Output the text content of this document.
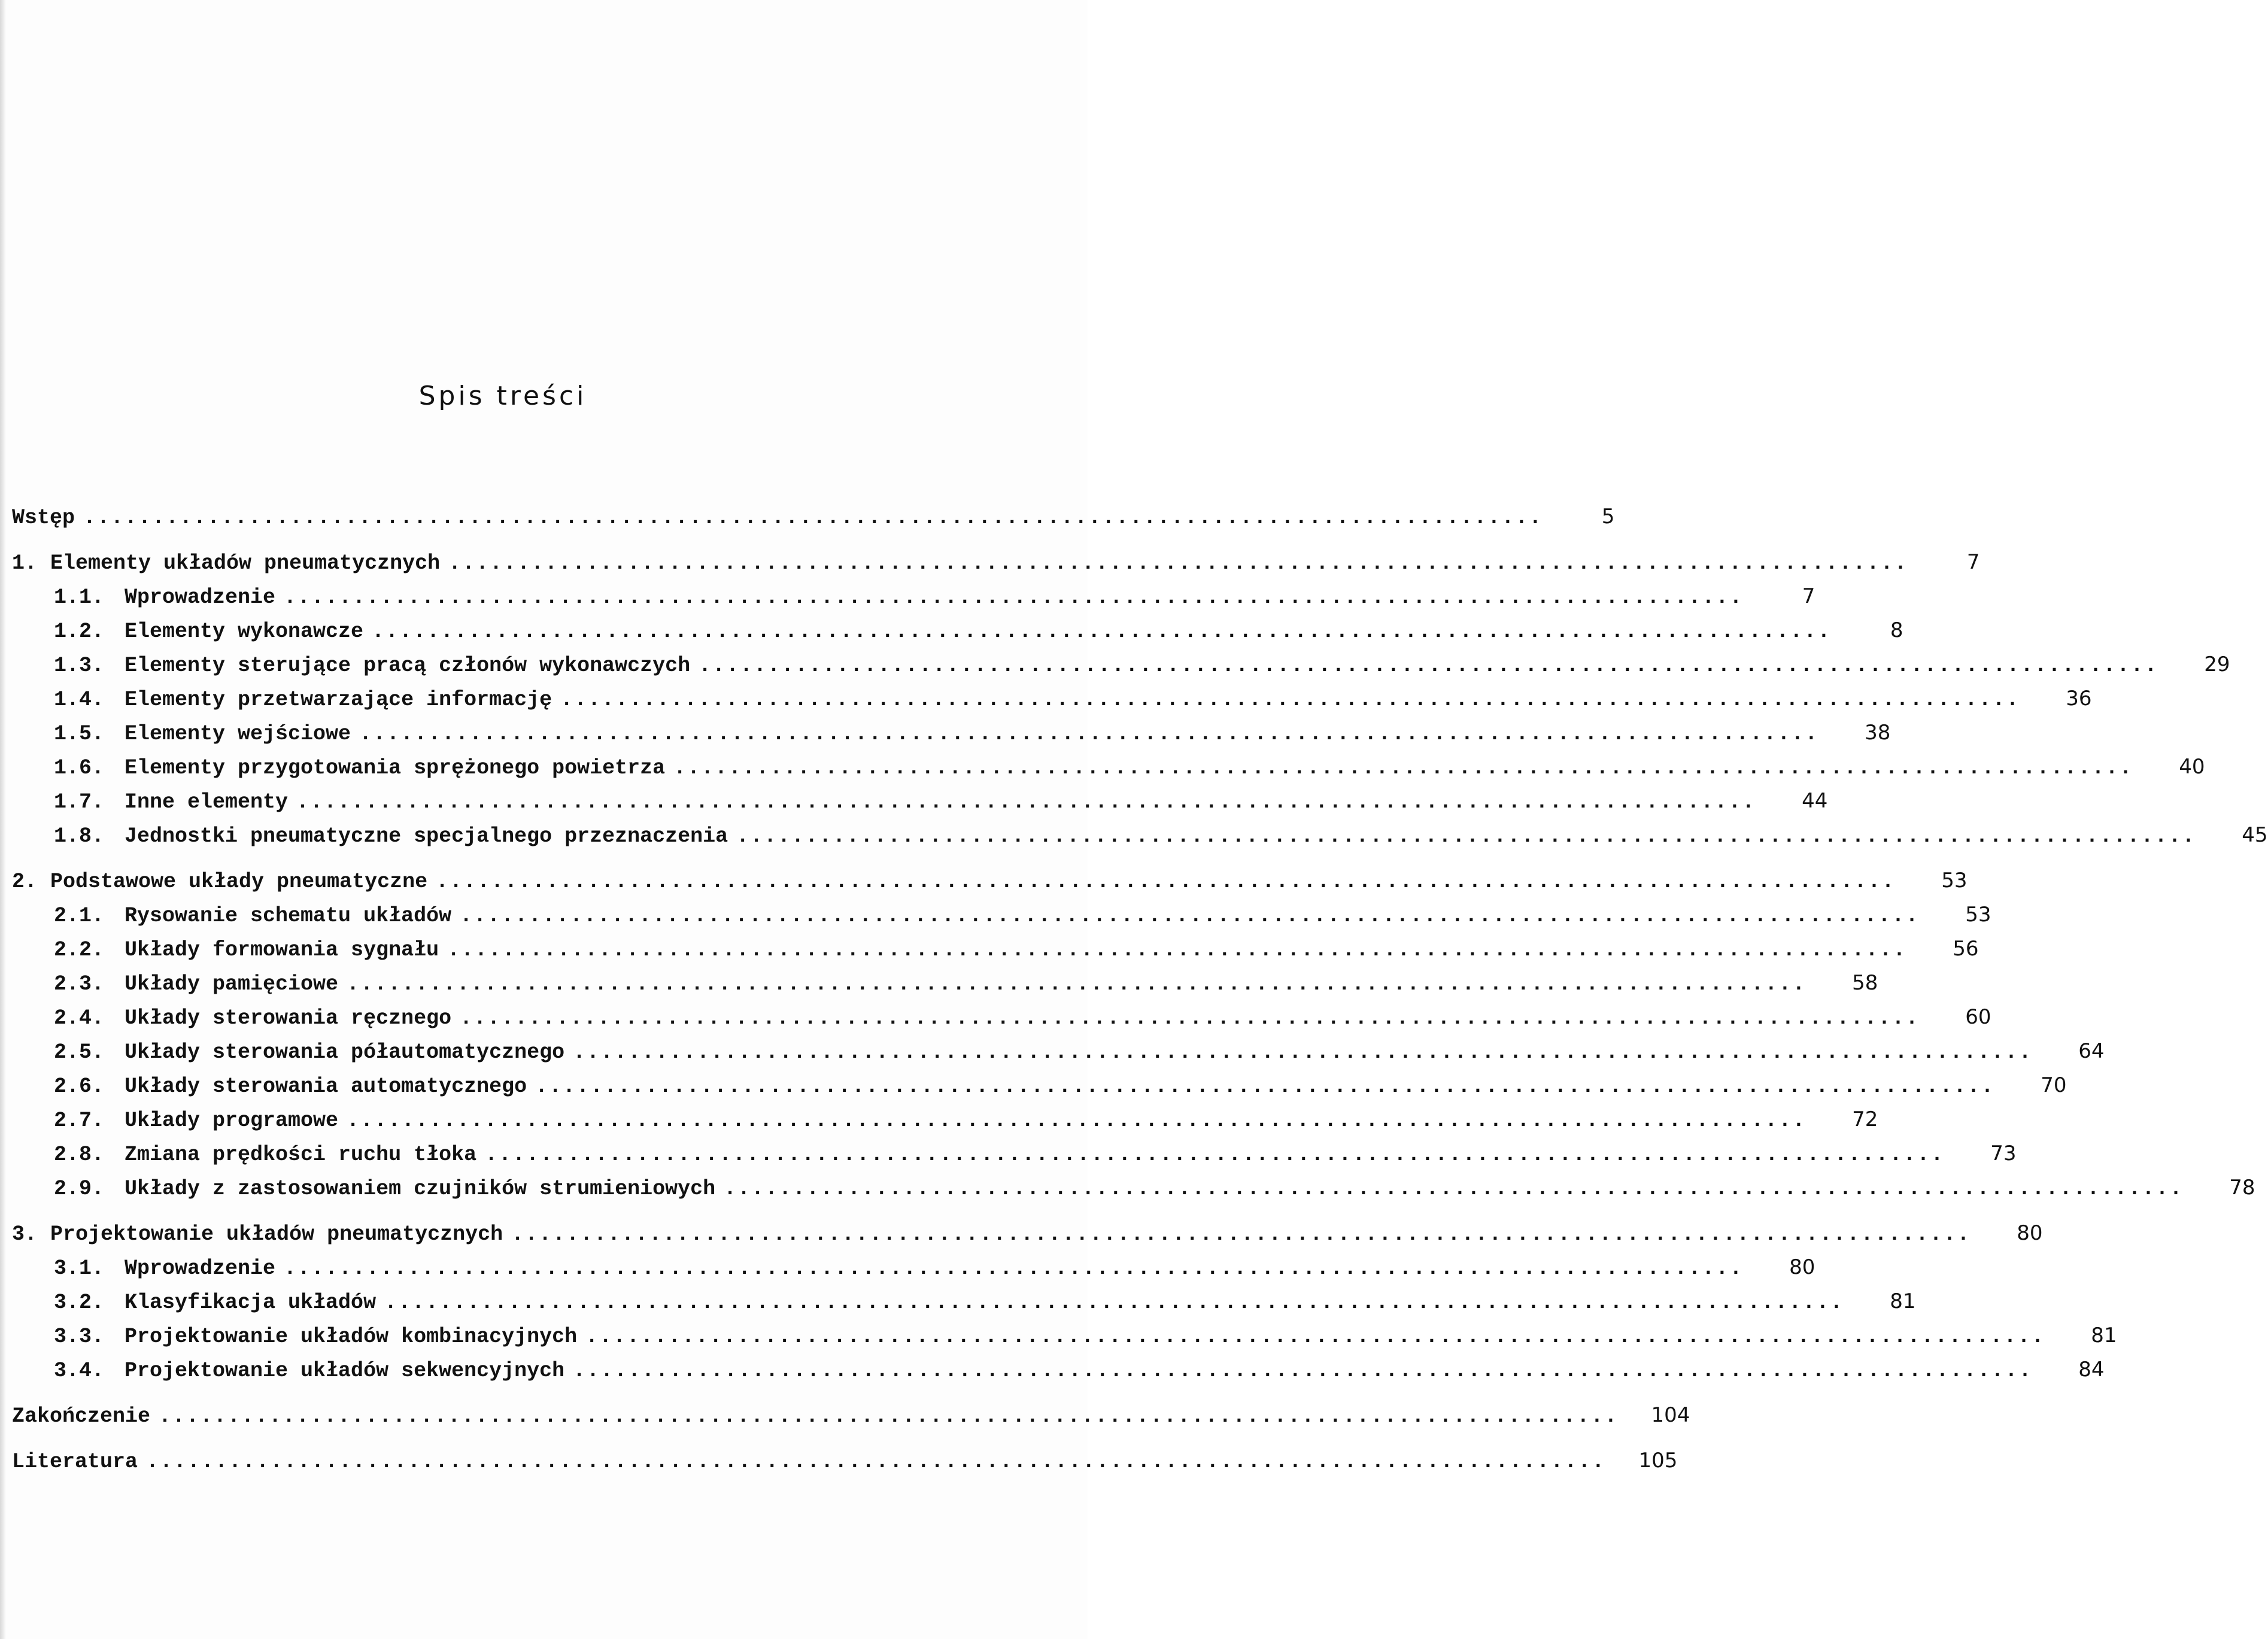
Spis treści
Wstęp ..........................................................................................................	5
1. Elementy układów pneumatycznych ..........................................................................................................	7
1.1. Wprowadzenie ..........................................................................................................	7
1.2. Elementy wykonawcze ..........................................................................................................	8
1.3. Elementy sterujące pracą członów wykonawczych ..........................................................................................................	29
1.4. Elementy przetwarzające informację ..........................................................................................................	36
1.5. Elementy wejściowe ..........................................................................................................	38
1.6. Elementy przygotowania sprężonego powietrza ..........................................................................................................	40
1.7. Inne elementy ..........................................................................................................	44
1.8. Jednostki pneumatyczne specjalnego przeznaczenia ..........................................................................................................	45
2. Podstawowe układy pneumatyczne ..........................................................................................................	53
2.1. Rysowanie schematu układów ..........................................................................................................	53
2.2. Układy formowania sygnału ..........................................................................................................	56
2.3. Układy pamięciowe ..........................................................................................................	58
2.4. Układy sterowania ręcznego ..........................................................................................................	60
2.5. Układy sterowania półautomatycznego ..........................................................................................................	64
2.6. Układy sterowania automatycznego ..........................................................................................................	70
2.7. Układy programowe ..........................................................................................................	72
2.8. Zmiana prędkości ruchu tłoka ..........................................................................................................	73
2.9. Układy z zastosowaniem czujników strumieniowych ..........................................................................................................	78
3. Projektowanie układów pneumatycznych ..........................................................................................................	80
3.1. Wprowadzenie ..........................................................................................................	80
3.2. Klasyfikacja układów ..........................................................................................................	81
3.3. Projektowanie układów kombinacyjnych ..........................................................................................................	81
3.4. Projektowanie układów sekwencyjnych ..........................................................................................................	84
Zakończenie ..........................................................................................................	104
Literatura ..........................................................................................................	105
